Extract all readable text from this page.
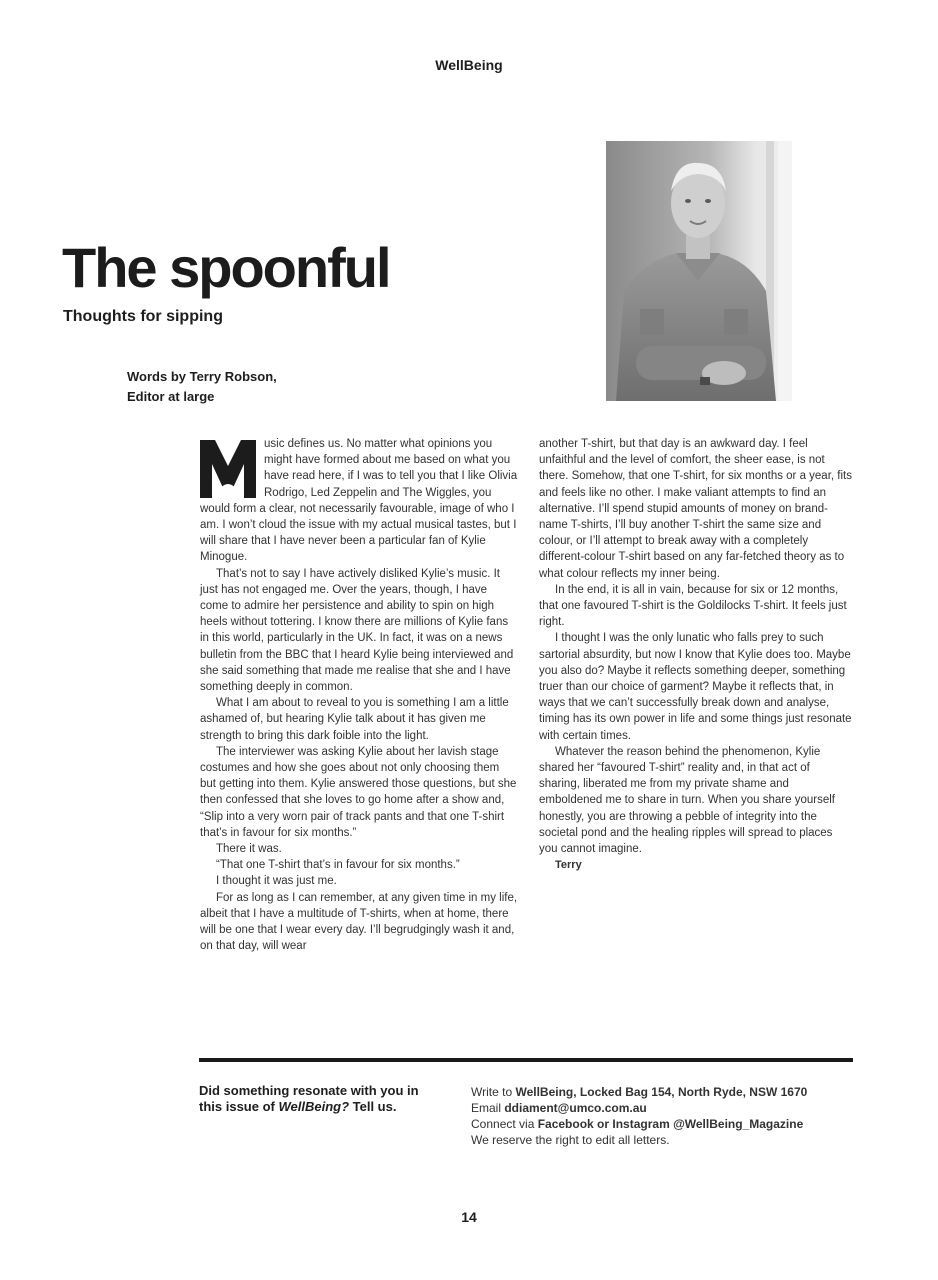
WellBeing
The spoonful
Thoughts for sipping
Words by Terry Robson,
Editor at large

usic defines us. No matter what opinions you might have formed about me based on what you have read here, if I was to tell you that I like Olivia Rodrigo, Led Zeppelin and The Wiggles, you would form a clear, not necessarily favourable, image of who I am. I won’t cloud the issue with my actual musical tastes, but I will share that I have never been a particular fan of Kylie Minogue.

That’s not to say I have actively disliked Kylie’s music. It just has not engaged me. Over the years, though, I have come to admire her persistence and ability to spin on high heels without tottering. I know there are millions of Kylie fans in this world, particularly in the UK. In fact, it was on a news bulletin from the BBC that I heard Kylie being interviewed and she said something that made me realise that she and I have something deeply in common.

What I am about to reveal to you is something I am a little ashamed of, but hearing Kylie talk about it has given me strength to bring this dark foible into the light.

The interviewer was asking Kylie about her lavish stage costumes and how she goes about not only choosing them but getting into them. Kylie answered those questions, but she then confessed that she loves to go home after a show and, “Slip into a very worn pair of track pants and that one T-shirt that’s in favour for six months.”

There it was.

“That one T-shirt that’s in favour for six months.”

I thought it was just me.

For as long as I can remember, at any given time in my life, albeit that I have a multitude of T-shirts, when at home, there will be one that I wear every day. I’ll begrudgingly wash it and, on that day, will wear

another T-shirt, but that day is an awkward day. I feel unfaithful and the level of comfort, the sheer ease, is not there. Somehow, that one T-shirt, for six months or a year, fits and feels like no other. I make valiant attempts to find an alternative. I’ll spend stupid amounts of money on brand-name T-shirts, I’ll buy another T-shirt the same size and colour, or I’ll attempt to break away with a completely different-colour T-shirt based on any far-fetched theory as to what colour reflects my inner being.

In the end, it is all in vain, because for six or 12 months, that one favoured T-shirt is the Goldilocks T-shirt. It feels just right.

I thought I was the only lunatic who falls prey to such sartorial absurdity, but now I know that Kylie does too. Maybe you also do? Maybe it reflects something deeper, something truer than our choice of garment? Maybe it reflects that, in ways that we can’t successfully break down and analyse, timing has its own power in life and some things just resonate with certain times.

Whatever the reason behind the phenomenon, Kylie shared her “favoured T-shirt” reality and, in that act of sharing, liberated me from my private shame and emboldened me to share in turn. When you share yourself honestly, you are throwing a pebble of integrity into the societal pond and the healing ripples will spread to places you cannot imagine.

Terry

Did something resonate with you in
this issue of WellBeing? Tell us.
Write to WellBeing, Locked Bag 154, North Ryde, NSW 1670
Email ddiament@umco.com.au
Connect via Facebook or Instagram @WellBeing_Magazine
We reserve the right to edit all letters.
14
